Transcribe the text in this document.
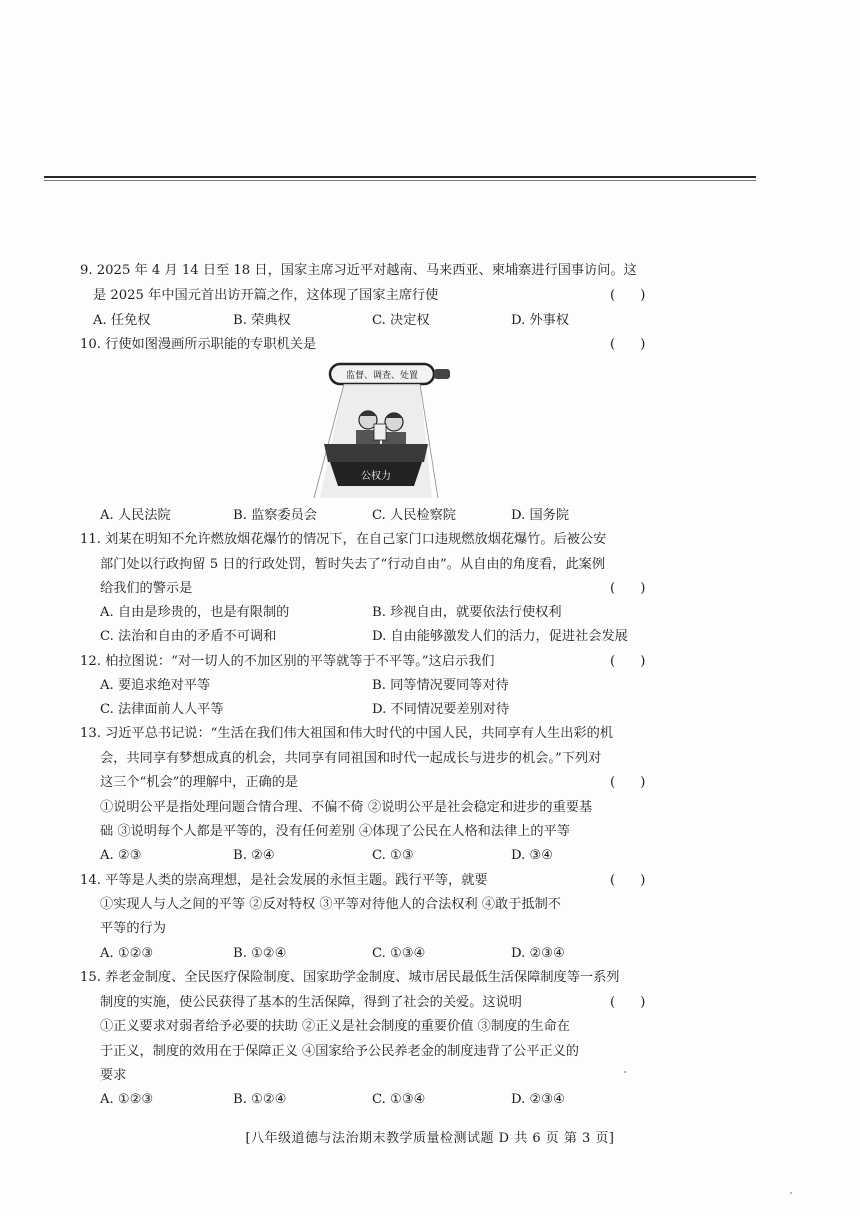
9. 2025 年 4 月 14 日至 18 日，国家主席习近平对越南、马来西亚、柬埔寨进行国事访问。这
是 2025 年中国元首出访开篇之作，这体现了国家主席行使	(      )
A. 任免权	B. 荣典权	C. 决定权	D. 外事权
10. 行使如图漫画所示职能的专职机关是	(      )
监督、调查、处置
公权力
A. 人民法院	B. 监察委员会	C. 人民检察院	D. 国务院
11. 刘某在明知不允许燃放烟花爆竹的情况下，在自己家门口违规燃放烟花爆竹。后被公安
部门处以行政拘留 5 日的行政处罚，暂时失去了“行动自由”。从自由的角度看，此案例
给我们的警示是	(      )
A. 自由是珍贵的，也是有限制的	B. 珍视自由，就要依法行使权利
C. 法治和自由的矛盾不可调和	D. 自由能够激发人们的活力，促进社会发展
12. 柏拉图说：“对一切人的不加区别的平等就等于不平等。”这启示我们	(      )
A. 要追求绝对平等	B. 同等情况要同等对待
C. 法律面前人人平等	D. 不同情况要差别对待
13. 习近平总书记说：“生活在我们伟大祖国和伟大时代的中国人民，共同享有人生出彩的机
会，共同享有梦想成真的机会，共同享有同祖国和时代一起成长与进步的机会。”下列对
这三个“机会”的理解中，正确的是	(      )
①说明公平是指处理问题合情合理、不偏不倚 ②说明公平是社会稳定和进步的重要基
础 ③说明每个人都是平等的，没有任何差别 ④体现了公民在人格和法律上的平等
A. ②③	B. ②④	C. ①③	D. ③④
14. 平等是人类的崇高理想，是社会发展的永恒主题。践行平等，就要	(      )
①实现人与人之间的平等 ②反对特权 ③平等对待他人的合法权利 ④敢于抵制不
平等的行为
A. ①②③	B. ①②④	C. ①③④	D. ②③④
15. 养老金制度、全民医疗保险制度、国家助学金制度、城市居民最低生活保障制度等一系列
制度的实施，使公民获得了基本的生活保障，得到了社会的关爱。这说明	(      )
①正义要求对弱者给予必要的扶助 ②正义是社会制度的重要价值 ③制度的生命在
于正义，制度的效用在于保障正义 ④国家给予公民养老金的制度违背了公平正义的
要求
A. ①②③	B. ①②④	C. ①③④	D. ②③④
[八年级道德与法治期末教学质量检测试题 D 共 6 页 第 3 页]
